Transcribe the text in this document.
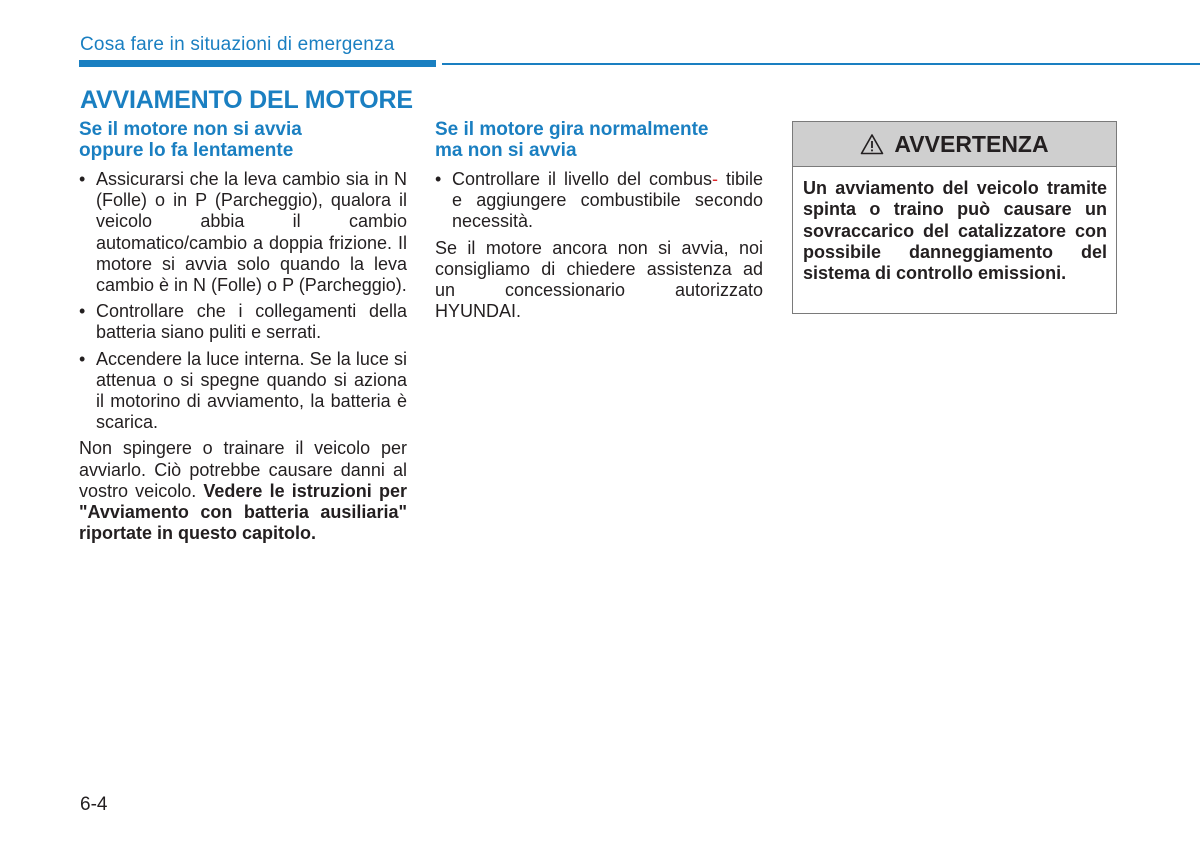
Cosa fare in situazioni di emergenza
AVVIAMENTO DEL MOTORE
Se il motore non si avvia
oppure lo fa lentamente
• Assicurarsi che la leva cambio sia in N (Folle) o in P (Parcheggio), qualora il veicolo abbia il cambio automatico/cambio a doppia frizione. Il motore si avvia solo quando la leva cambio è in N (Folle) o P (Parcheggio).
• Controllare che i collegamenti della batteria siano puliti e serrati.
• Accendere la luce interna. Se la luce si attenua o si spegne quando si aziona il motorino di avviamento, la batteria è scarica.

Non spingere o trainare il veicolo per avviarlo. Ciò potrebbe causare danni al vostro veicolo. Vedere le istruzioni per "Avviamento con batteria ausiliaria" riportate in questo capitolo.

Se il motore gira normalmente
ma non si avvia
• Controllare il livello del combus- tibile e aggiungere combustibile secondo necessità.

Se il motore ancora non si avvia, noi consigliamo di chiedere assistenza ad un concessionario autorizzato HYUNDAI.

AVVERTENZA
Un avviamento del veicolo tramite spinta o traino può causare un sovraccarico del catalizzatore con possibile danneggiamento del sistema di controllo emissioni.
6-4
